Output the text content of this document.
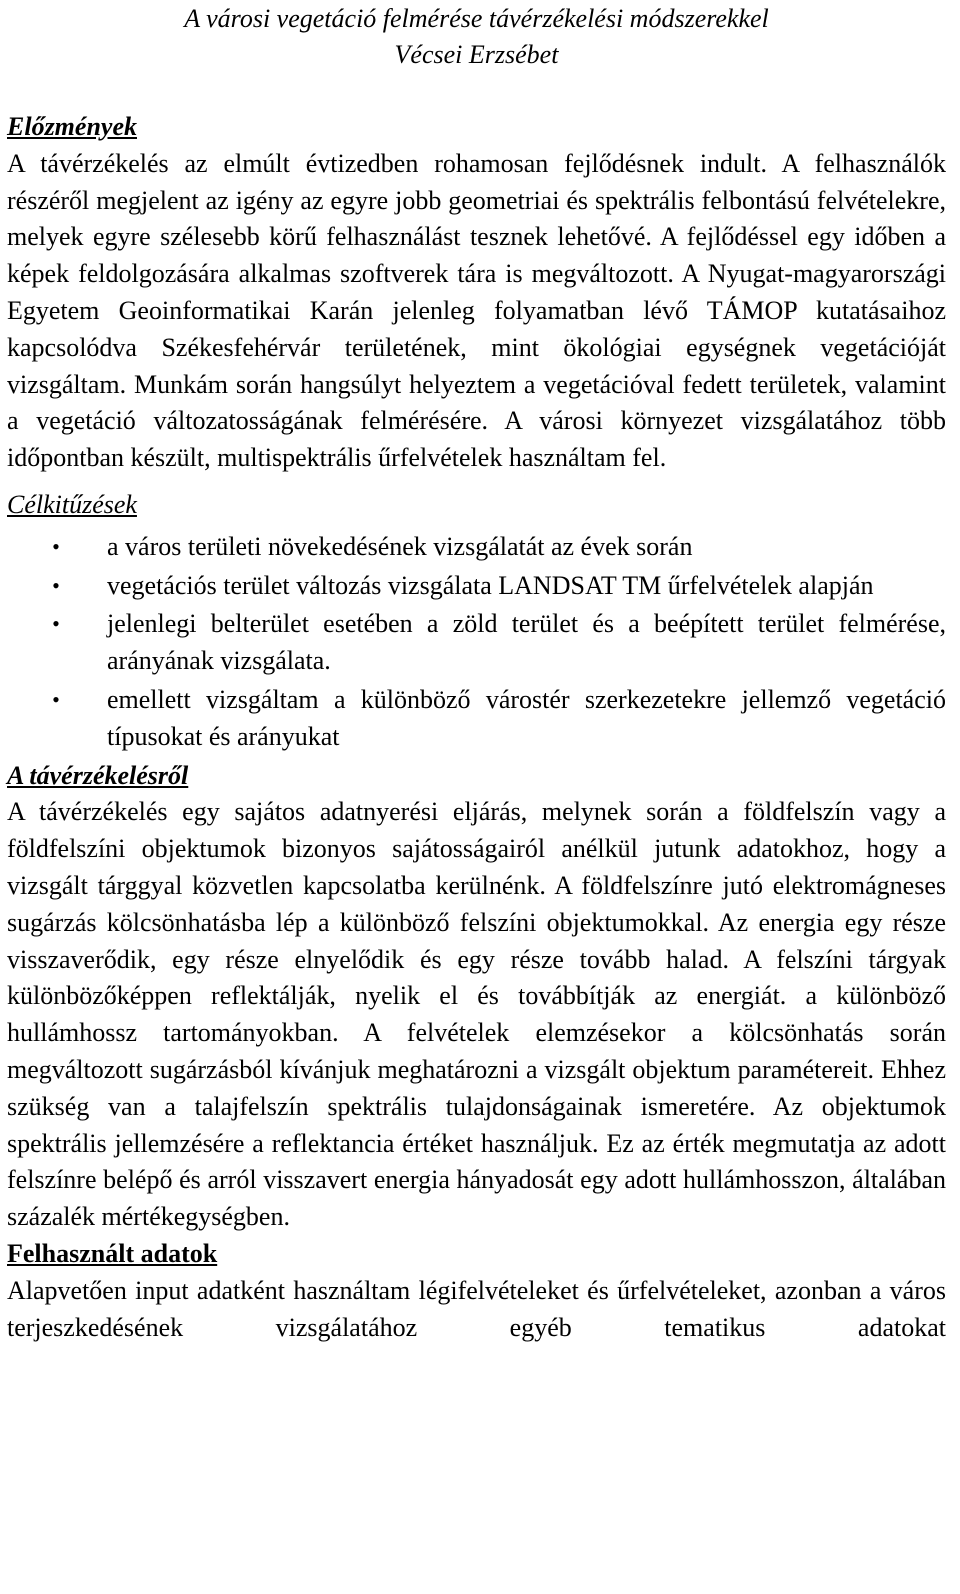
A városi vegetáció felmérése távérzékelési módszerekkel
Vécsei Erzsébet
Előzmények

A távérzékelés az elmúlt évtizedben rohamosan fejlődésnek indult. A felhasználók részéről megjelent az igény az egyre jobb geometriai és spektrális felbontású felvételekre, melyek egyre szélesebb körű felhasználást tesznek lehetővé. A fejlődéssel egy időben a képek feldolgozására alkalmas szoftverek tára is megváltozott. A Nyugat-magyarországi Egyetem Geoinformatikai Karán jelenleg folyamatban lévő TÁMOP kutatásaihoz kapcsolódva Székesfehérvár területének, mint ökológiai egységnek vegetációját vizsgáltam. Munkám során hangsúlyt helyeztem a vegetációval fedett területek, valamint a vegetáció változatosságának felmérésére. A városi környezet vizsgálatához több időpontban készült, multispektrális űrfelvételek használtam fel.

Célkitűzések
• a város területi növekedésének vizsgálatát az évek során
• vegetációs terület változás vizsgálata LANDSAT TM űrfelvételek alapján
• jelenlegi belterület esetében a zöld terület és a beépített terület felmérése, arányának vizsgálata.
• emellett vizsgáltam a különböző várostér szerkezetekre jellemző vegetáció típusokat és arányukat
A távérzékelésről

A távérzékelés egy sajátos adatnyerési eljárás, melynek során a földfelszín vagy a földfelszíni objektumok bizonyos sajátosságairól anélkül jutunk adatokhoz, hogy a vizsgált tárggyal közvetlen kapcsolatba kerülnénk. A földfelszínre jutó elektromágneses sugárzás kölcsönhatásba lép a különböző felszíni objektumokkal. Az energia egy része visszaverődik, egy része elnyelődik és egy része tovább halad. A felszíni tárgyak különbözőképpen reflektálják, nyelik el és továbbítják az energiát. a különböző hullámhossz tartományokban. A felvételek elemzésekor a kölcsönhatás során megváltozott sugárzásból kívánjuk meghatározni a vizsgált objektum paramétereit. Ehhez szükség van a talajfelszín spektrális tulajdonságainak ismeretére. Az objektumok spektrális jellemzésére a reflektancia értéket használjuk. Ez az érték megmutatja az adott felszínre belépő és arról visszavert energia hányadosát egy adott hullámhosszon, általában százalék mértékegységben.

Felhasznált adatok

Alapvetően input adatként használtam légifelvételeket és űrfelvételeket, azonban a város terjeszkedésének vizsgálatához egyéb tematikus adatokat
